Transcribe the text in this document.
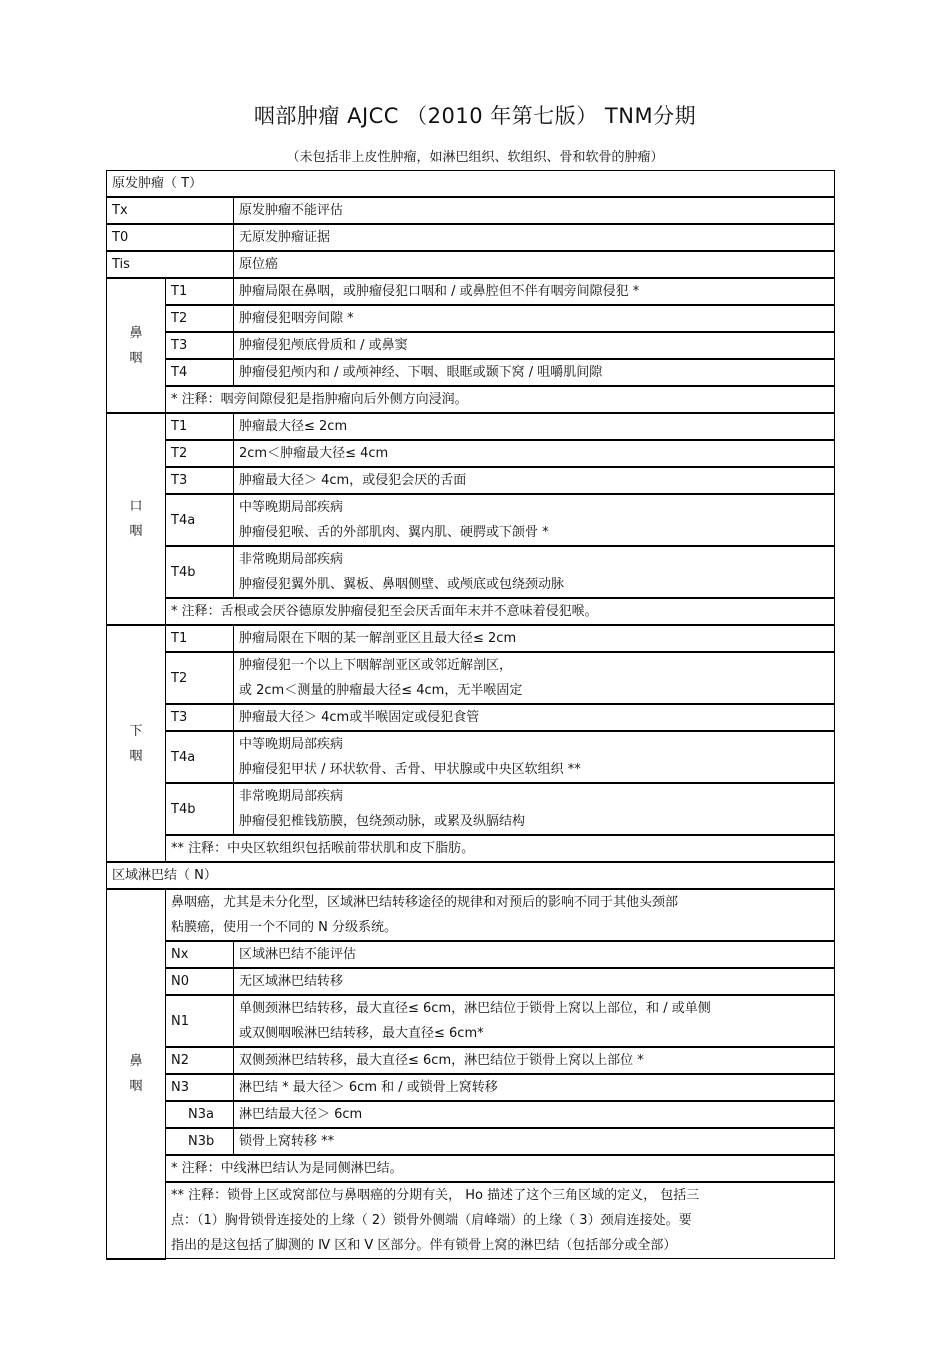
咽部肿瘤 AJCC （2010 年第七版） TNM分期
（未包括非上皮性肿瘤，如淋巴组织、软组织、骨和软骨的肿瘤）
原发肿瘤（ T）		
Tx		原发肿瘤不能评估
T0		无原发肿瘤证据
Tis		原位癌

鼻
咽	T1	肿瘤局限在鼻咽，或肿瘤侵犯口咽和 / 或鼻腔但不伴有咽旁间隙侵犯 *
	T2	肿瘤侵犯咽旁间隙 *
	T3	肿瘤侵犯颅底骨质和 / 或鼻窦
	T4	肿瘤侵犯颅内和 / 或颅神经、下咽、眼眶或颞下窝 / 咀嚼肌间隙
	* 注释：咽旁间隙侵犯是指肿瘤向后外侧方向浸润。	

口
咽	T1	肿瘤最大径≤ 2cm
	T2	2cm＜肿瘤最大径≤ 4cm
	T3	肿瘤最大径＞ 4cm，或侵犯会厌的舌面
	T4a	中等晚期局部疾病
肿瘤侵犯喉、舌的外部肌肉、翼内肌、硬腭或下颌骨 *

	T4b	非常晚期局部疾病
肿瘤侵犯翼外肌、翼板、鼻咽侧壁、或颅底或包绕颈动脉

	* 注释：舌根或会厌谷德原发肿瘤侵犯至会厌舌面年末并不意味着侵犯喉。	

下
咽	T1	肿瘤局限在下咽的某一解剖亚区且最大径≤ 2cm
	T2	肿瘤侵犯一个以上下咽解剖亚区或邻近解剖区，
或 2cm＜测量的肿瘤最大径≤ 4cm，无半喉固定

	T3	肿瘤最大径＞ 4cm或半喉固定或侵犯食管
	T4a	中等晚期局部疾病
肿瘤侵犯甲状 / 环状软骨、舌骨、甲状腺或中央区软组织 **

	T4b	非常晚期局部疾病
肿瘤侵犯椎钱筋膜，包绕颈动脉，或累及纵膈结构

	** 注释：中央区软组织包括喉前带状肌和皮下脂肪。	
区域淋巴结（ N）		

鼻
咽	鼻咽癌，尤其是未分化型，区域淋巴结转移途径的规律和对预后的影响不同于其他头颈部
粘膜癌，使用一个不同的 N 分级系统。	

	Nx	区域淋巴结不能评估
	N0	无区域淋巴结转移
	N1	单侧颈淋巴结转移，最大直径≤ 6cm，淋巴结位于锁骨上窝以上部位，和 / 或单侧
或双侧咽喉淋巴结转移，最大直径≤ 6cm*

	N2	双侧颈淋巴结转移，最大直径≤ 6cm，淋巴结位于锁骨上窝以上部位 *
	N3	淋巴结 * 最大径＞ 6cm 和 / 或锁骨上窝转移
	N3a	淋巴结最大径＞ 6cm
	N3b	锁骨上窝转移 **
	* 注释：中线淋巴结认为是同侧淋巴结。	

	** 注释：锁骨上区或窝部位与鼻咽癌的分期有关， Ho 描述了这个三角区域的定义， 包括三
点：（1）胸骨锁骨连接处的上缘（ 2）锁骨外侧端（肩峰端）的上缘（ 3）颈肩连接处。要
指出的是这包括了脚测的 Ⅳ 区和 Ⅴ 区部分。伴有锁骨上窝的淋巴结（包括部分或全部）	
